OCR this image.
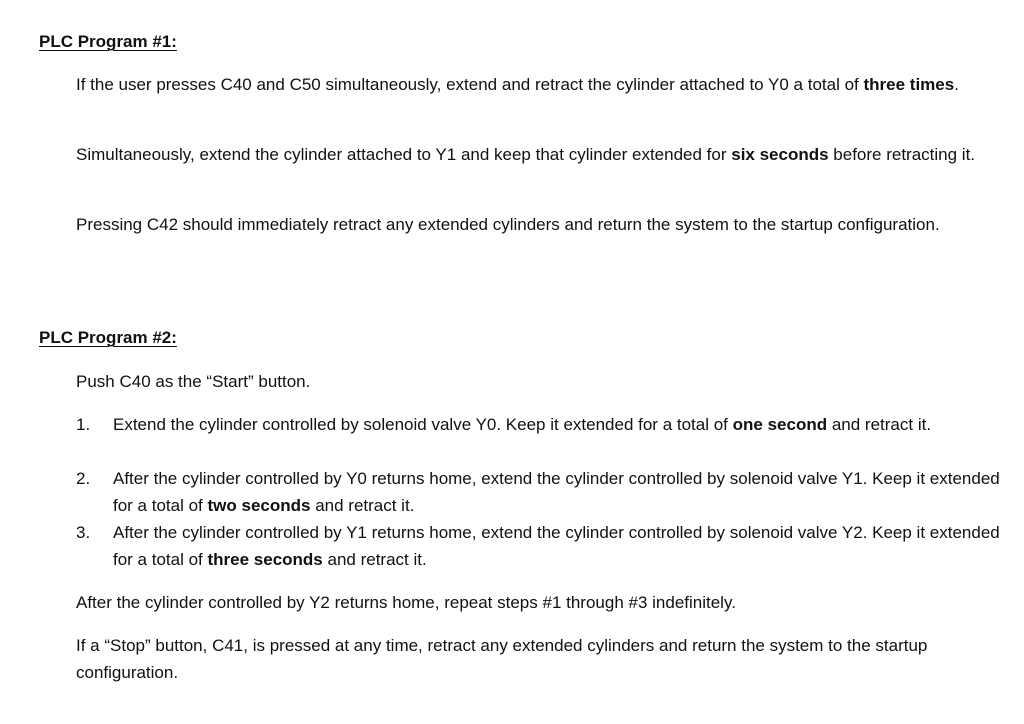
PLC Program #1:

If the user presses C40 and C50 simultaneously, extend and retract the cylinder attached to Y0 a total of three times.

Simultaneously, extend the cylinder attached to Y1 and keep that cylinder extended for six seconds before retracting it.

Pressing C42 should immediately retract any extended cylinders and return the system to the startup configuration.

PLC Program #2:

Push C40 as the “Start” button.

1.	Extend the cylinder controlled by solenoid valve Y0. Keep it extended for a total of one second and retract it.
2.	After the cylinder controlled by Y0 returns home, extend the cylinder controlled by solenoid valve Y1. Keep it extended for a total of two seconds and retract it.
3.	After the cylinder controlled by Y1 returns home, extend the cylinder controlled by solenoid valve Y2. Keep it extended for a total of three seconds and retract it.

After the cylinder controlled by Y2 returns home, repeat steps #1 through #3 indefinitely.

If a “Stop” button, C41, is pressed at any time, retract any extended cylinders and return the system to the startup configuration.
